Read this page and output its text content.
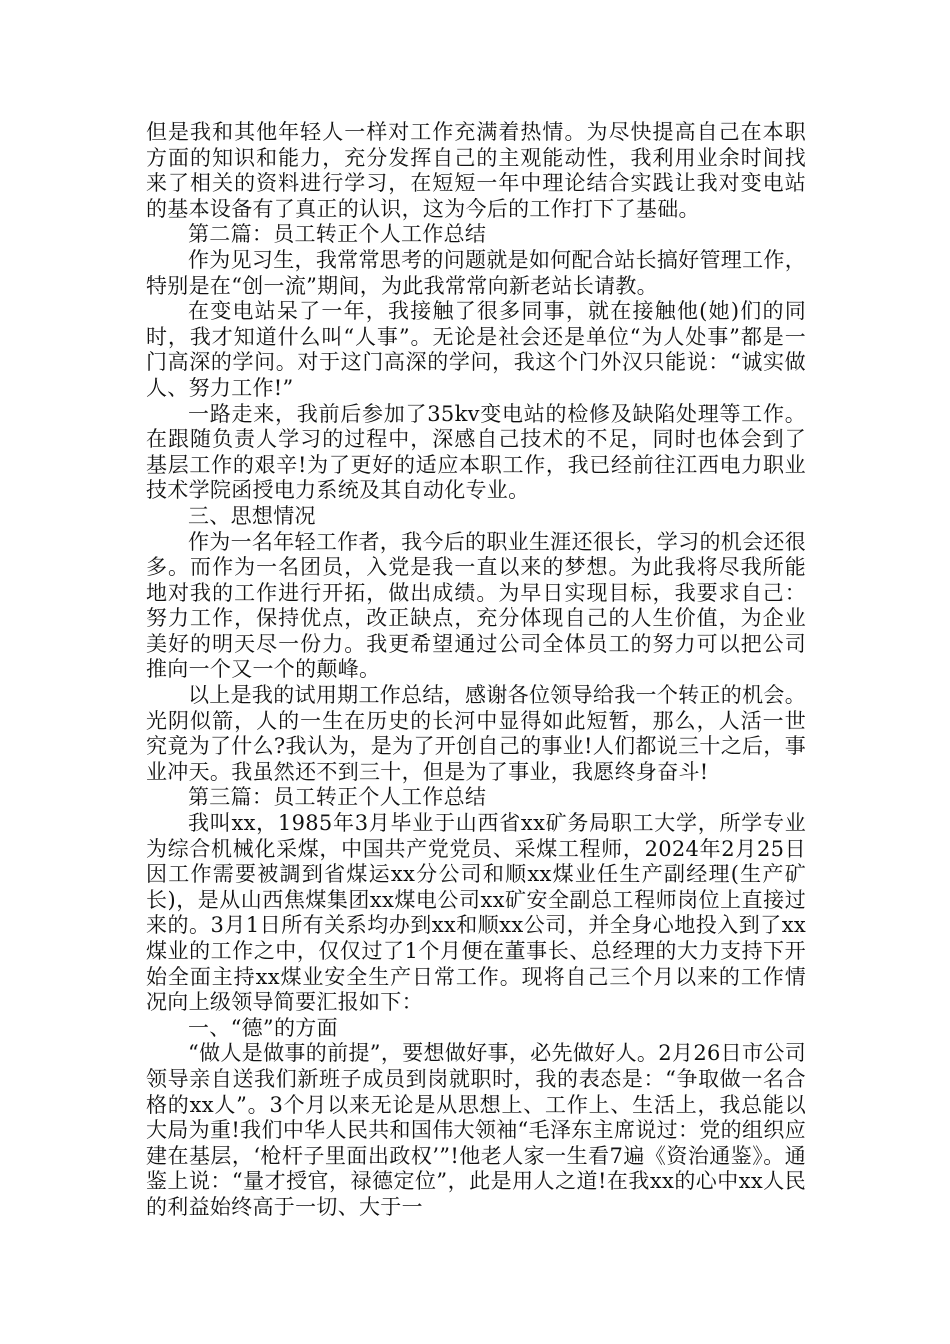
但是我和其他年轻人一样对工作充满着热情。为尽快提高自己在本职方面的知识和能力，充分发挥自己的主观能动性，我利用业余时间找来了相关的资料进行学习，在短短一年中理论结合实践让我对变电站的基本设备有了真正的认识，这为今后的工作打下了基础。

第二篇：员工转正个人工作总结

作为见习生，我常常思考的问题就是如何配合站长搞好管理工作，特别是在“创一流”期间，为此我常常向新老站长请教。

在变电站呆了一年，我接触了很多同事，就在接触他(她)们的同时，我才知道什么叫“人事”。无论是社会还是单位“为人处事”都是一门高深的学问。对于这门高深的学问，我这个门外汉只能说：“诚实做人、努力工作!”

一路走来，我前后参加了35kv变电站的检修及缺陷处理等工作。在跟随负责人学习的过程中，深感自己技术的不足，同时也体会到了基层工作的艰辛!为了更好的适应本职工作，我已经前往江西电力职业技术学院函授电力系统及其自动化专业。

三、思想情况

作为一名年轻工作者，我今后的职业生涯还很长，学习的机会还很多。而作为一名团员，入党是我一直以来的梦想。为此我将尽我所能地对我的工作进行开拓，做出成绩。为早日实现目标，我要求自己：努力工作，保持优点，改正缺点，充分体现自己的人生价值，为企业美好的明天尽一份力。我更希望通过公司全体员工的努力可以把公司推向一个又一个的颠峰。

以上是我的试用期工作总结，感谢各位领导给我一个转正的机会。光阴似箭，人的一生在历史的长河中显得如此短暂，那么，人活一世究竟为了什么?我认为，是为了开创自己的事业!人们都说三十之后，事业冲天。我虽然还不到三十，但是为了事业，我愿终身奋斗!

第三篇：员工转正个人工作总结

我叫xx，1985年3月毕业于山西省xx矿务局职工大学，所学专业为综合机械化采煤，中国共产党党员、采煤工程师，2024年2月25日因工作需要被調到省煤运xx分公司和顺xx煤业任生产副经理(生产矿长)，是从山西焦煤集团xx煤电公司xx矿安全副总工程师岗位上直接过来的。3月1日所有关系均办到xx和顺xx公司，并全身心地投入到了xx煤业的工作之中，仅仅过了1个月便在董事长、总经理的大力支持下开始全面主持xx煤业安全生产日常工作。现将自己三个月以来的工作情况向上级领导简要汇报如下：

一、“德”的方面

“做人是做事的前提”，要想做好事，必先做好人。2月26日市公司领导亲自送我们新班子成员到岗就职时，我的表态是：“争取做一名合格的xx人”。3个月以来无论是从思想上、工作上、生活上，我总能以大局为重!我们中华人民共和国伟大领袖“毛泽东主席说过：党的组织应建在基层，‘枪杆子里面出政权’”!他老人家一生看7遍《资治通鉴》。通鉴上说：“量才授官，禄德定位”，此是用人之道!在我xx的心中xx人民的利益始终高于一切、大于一
